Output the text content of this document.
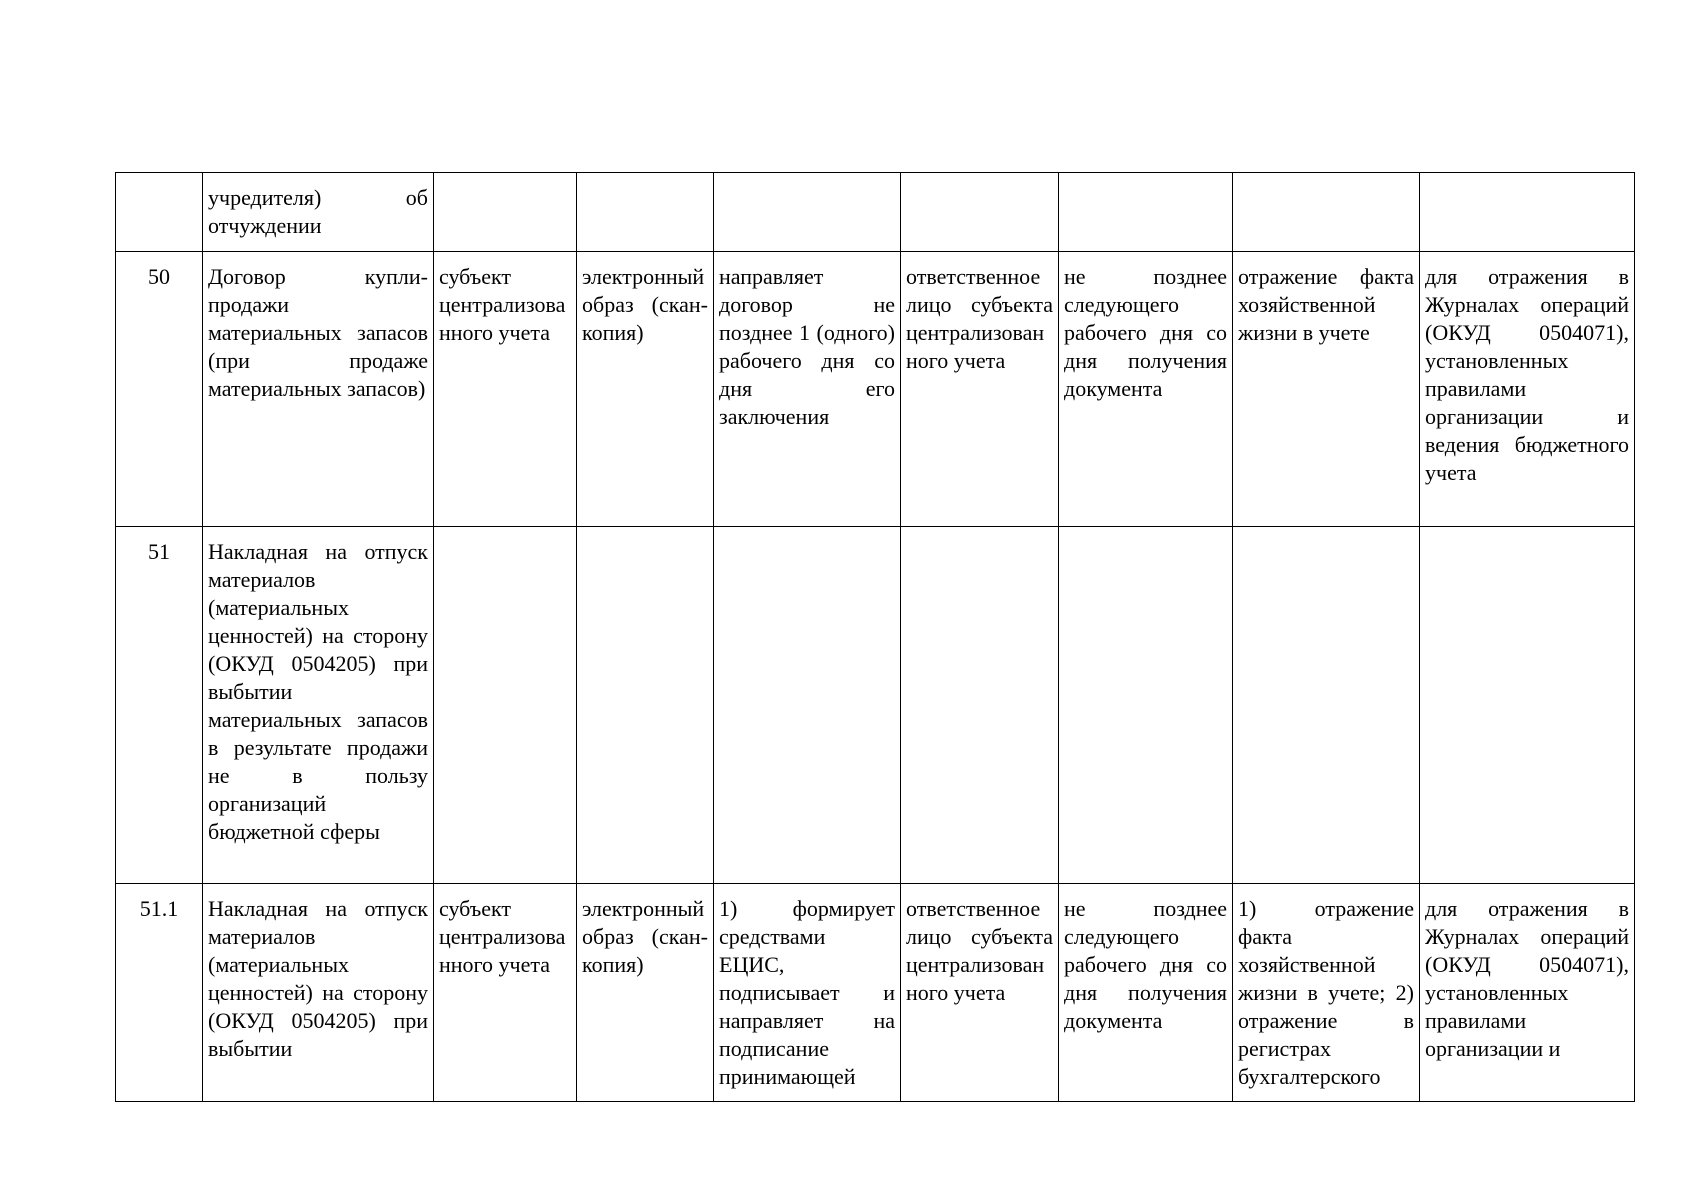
	учредителя) об отчуждении							
50	Договор купли-продажи материальных запасов (при продаже материальных запасов)	субъект централизованного учета	электронный образ (скан-копия)	направляет договор не позднее 1 (одного) рабочего дня со дня его заключения	ответственное лицо субъекта централизованного учета	не позднее следующего рабочего дня со дня получения документа	отражение факта хозяйственной жизни в учете	для отражения в Журналах операций (ОКУД 0504071), установленных правилами организации и ведения бюджетного учета
51	Накладная на отпуск материалов (материальных ценностей) на сторону (ОКУД 0504205) при выбытии материальных запасов в результате продажи не в пользу организаций бюджетной сферы							
51.1	Накладная на отпуск материалов (материальных ценностей) на сторону (ОКУД 0504205) при выбытии	субъект централизованного учета	электронный образ (скан-копия)	1) формирует средствами ЕЦИС, подписывает и направляет на подписание принимающей	ответственное лицо субъекта централизованного учета	не позднее следующего рабочего дня со дня получения документа	1) отражение факта хозяйственной жизни в учете; 2) отражение в регистрах бухгалтерского	для отражения в Журналах операций (ОКУД 0504071), установленных правилами организации и
